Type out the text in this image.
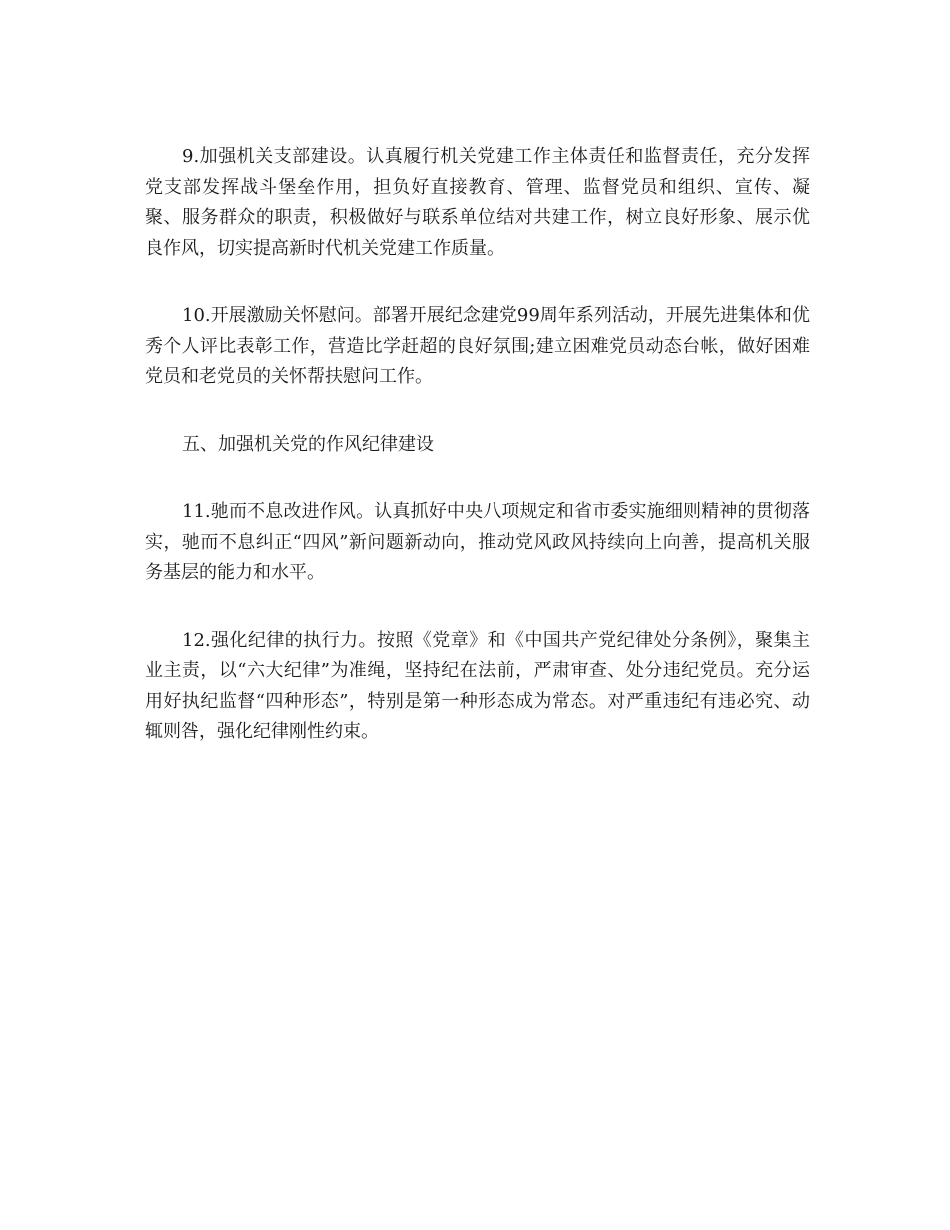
9.加强机关支部建设。认真履行机关党建工作主体责任和监督责任，充分发挥党支部发挥战斗堡垒作用，担负好直接教育、管理、监督党员和组织、宣传、凝聚、服务群众的职责，积极做好与联系单位结对共建工作，树立良好形象、展示优良作风，切实提高新时代机关党建工作质量。

10.开展激励关怀慰问。部署开展纪念建党99周年系列活动，开展先进集体和优秀个人评比表彰工作，营造比学赶超的良好氛围;建立困难党员动态台帐，做好困难党员和老党员的关怀帮扶慰问工作。

五、加强机关党的作风纪律建设

11.驰而不息改进作风。认真抓好中央八项规定和省市委实施细则精神的贯彻落实，驰而不息纠正“四风”新问题新动向，推动党风政风持续向上向善，提高机关服务基层的能力和水平。

12.强化纪律的执行力。按照《党章》和《中国共产党纪律处分条例》，聚集主业主责，以“六大纪律”为准绳，坚持纪在法前，严肃审查、处分违纪党员。充分运用好执纪监督“四种形态”，特别是第一种形态成为常态。对严重违纪有违必究、动辄则咎，强化纪律刚性约束。
